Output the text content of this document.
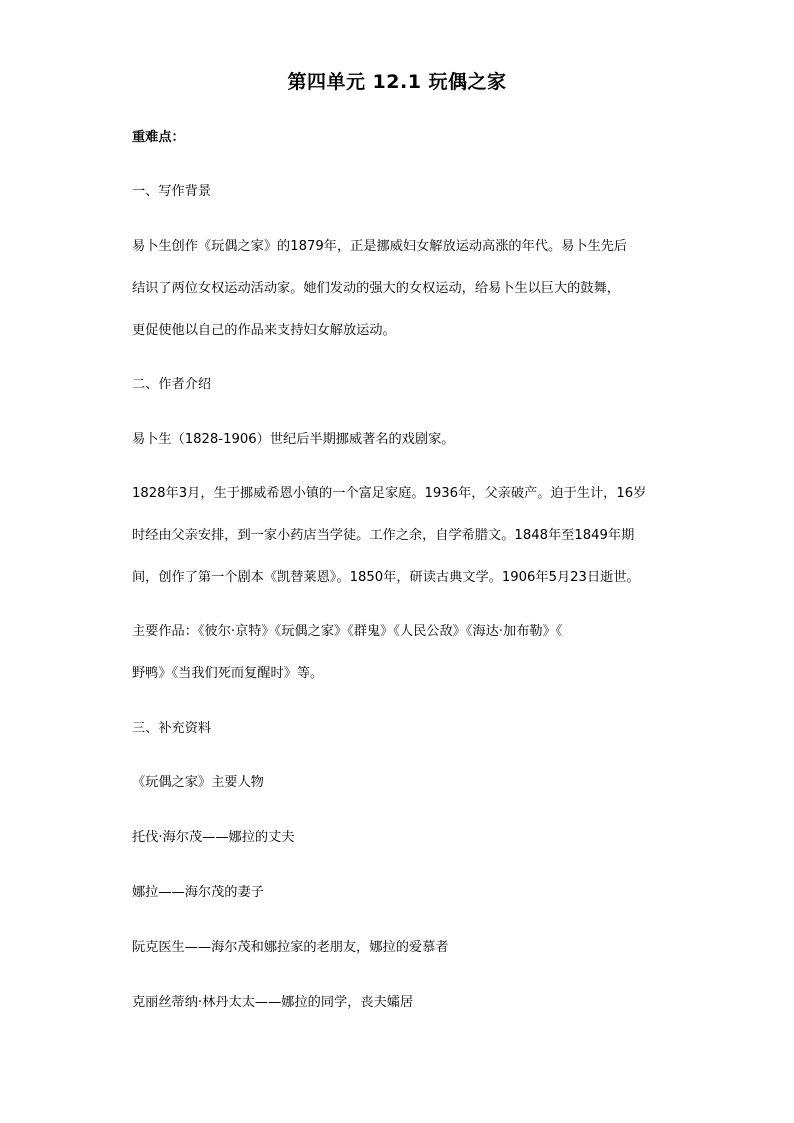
第四单元 12.1 玩偶之家
重难点：
一、写作背景
易卜生创作《玩偶之家》的1879年，正是挪威妇女解放运动高涨的年代。易卜生先后
结识了两位女权运动活动家。她们发动的强大的女权运动，给易卜生以巨大的鼓舞，
更促使他以自己的作品来支持妇女解放运动。
二、作者介绍
易卜生（1828-1906）世纪后半期挪威著名的戏剧家。
1828年3月，生于挪威希恩小镇的一个富足家庭。1936年，父亲破产。迫于生计，16岁
时经由父亲安排，到一家小药店当学徒。工作之余，自学希腊文。1848年至1849年期
间，创作了第一个剧本《凯替莱恩》。1850年，研读古典文学。1906年5月23日逝世。
主要作品：《彼尔·京特》《玩偶之家》《群鬼》《人民公敌》《海达·加布勒》《
野鸭》《当我们死而复醒时》等。
三、补充资料
《玩偶之家》主要人物
托伐·海尔茂——娜拉的丈夫
娜拉——海尔茂的妻子
阮克医生——海尔茂和娜拉家的老朋友，娜拉的爱慕者
克丽丝蒂纳·林丹太太——娜拉的同学，丧夫孀居
